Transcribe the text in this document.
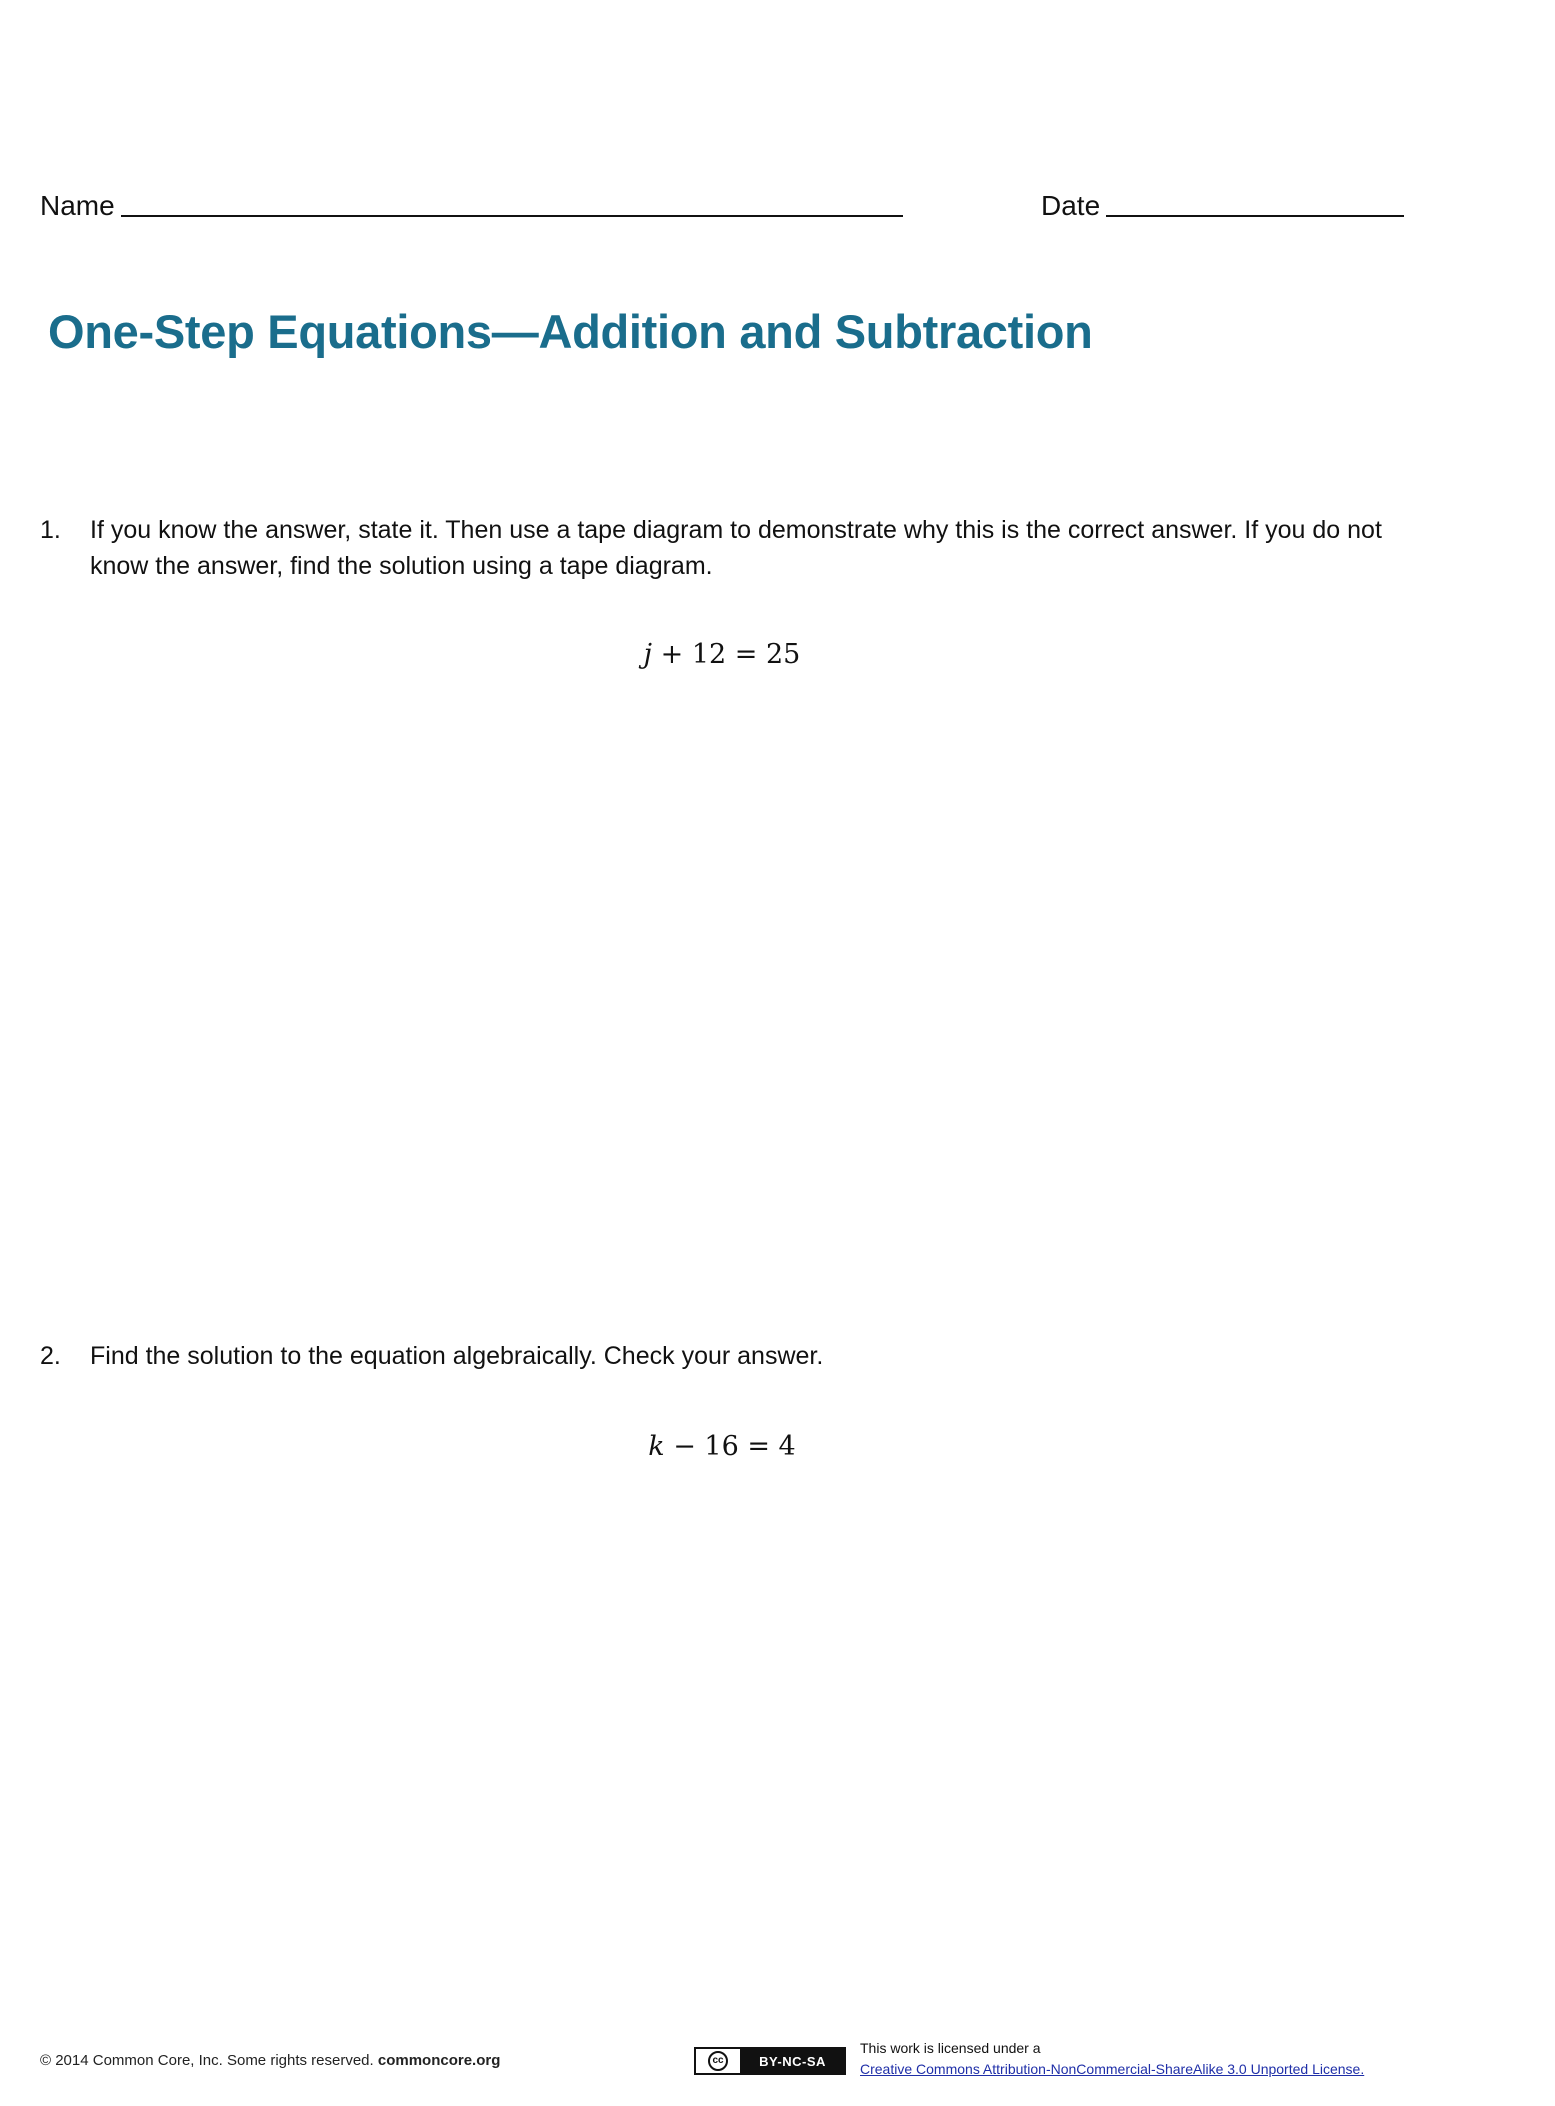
Name	Date
One-Step Equations—Addition and Subtraction
1. If you know the answer, state it. Then use a tape diagram to demonstrate why this is the correct answer. If you do not know the answer, find the solution using a tape diagram.
j + 12 = 25
2. Find the solution to the equation algebraically. Check your answer.
k − 16 = 4
© 2014 Common Core, Inc. Some rights reserved. commoncore.org	cc	BY-NC-SA
This work is licensed under a
Creative Commons Attribution-NonCommercial-ShareAlike 3.0 Unported License.
